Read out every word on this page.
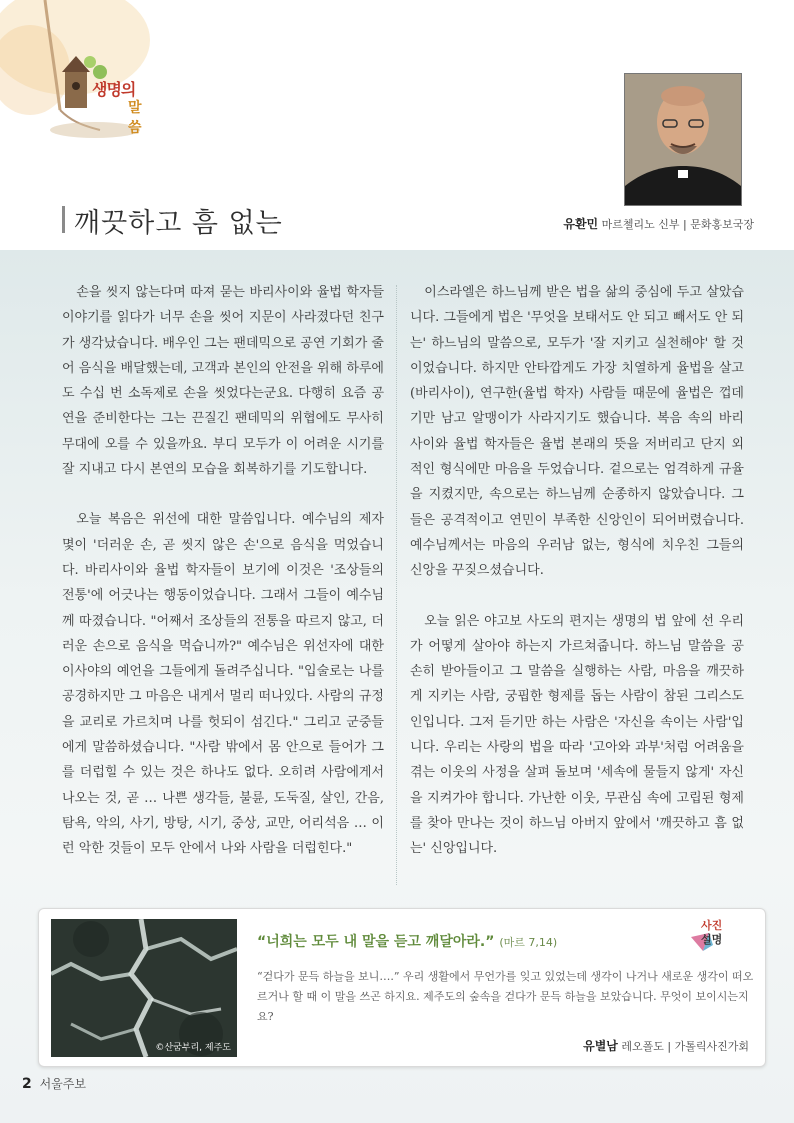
생명의

말씀
깨끗하고 흠 없는	유환민 마르첼리노 신부 | 문화홍보국장

손을 씻지 않는다며 따져 묻는 바리사이와 율법 학자들 이야기를 읽다가 너무 손을 씻어 지문이 사라졌다던 친구가 생각났습니다. 배우인 그는 팬데믹으로 공연 기회가 줄어 음식을 배달했는데, 고객과 본인의 안전을 위해 하루에도 수십 번 소독제로 손을 씻었다는군요. 다행히 요즘 공연을 준비한다는 그는 끈질긴 팬데믹의 위협에도 무사히 무대에 오를 수 있을까요. 부디 모두가 이 어려운 시기를 잘 지내고 다시 본연의 모습을 회복하기를 기도합니다.

오늘 복음은 위선에 대한 말씀입니다. 예수님의 제자 몇이 '더러운 손, 곧 씻지 않은 손'으로 음식을 먹었습니다. 바리사이와 율법 학자들이 보기에 이것은 '조상들의 전통'에 어긋나는 행동이었습니다. 그래서 그들이 예수님께 따졌습니다. "어째서 조상들의 전통을 따르지 않고, 더러운 손으로 음식을 먹습니까?" 예수님은 위선자에 대한 이사야의 예언을 그들에게 돌려주십니다. "입술로는 나를 공경하지만 그 마음은 내게서 멀리 떠나있다. 사람의 규정을 교리로 가르치며 나를 헛되이 섬긴다." 그리고 군중들에게 말씀하셨습니다. "사람 밖에서 몸 안으로 들어가 그를 더럽힐 수 있는 것은 하나도 없다. 오히려 사람에게서 나오는 것, 곧 … 나쁜 생각들, 불륜, 도둑질, 살인, 간음, 탐욕, 악의, 사기, 방탕, 시기, 중상, 교만, 어리석음 … 이런 악한 것들이 모두 안에서 나와 사람을 더럽힌다."

이스라엘은 하느님께 받은 법을 삶의 중심에 두고 살았습니다. 그들에게 법은 '무엇을 보태서도 안 되고 빼서도 안 되는' 하느님의 말씀으로, 모두가 '잘 지키고 실천해야' 할 것이었습니다. 하지만 안타깝게도 가장 치열하게 율법을 살고(바리사이), 연구한(율법 학자) 사람들 때문에 율법은 껍데기만 남고 알맹이가 사라지기도 했습니다. 복음 속의 바리사이와 율법 학자들은 율법 본래의 뜻을 저버리고 단지 외적인 형식에만 마음을 두었습니다. 겉으로는 엄격하게 규율을 지켰지만, 속으로는 하느님께 순종하지 않았습니다. 그들은 공격적이고 연민이 부족한 신앙인이 되어버렸습니다. 예수님께서는 마음의 우러남 없는, 형식에 치우친 그들의 신앙을 꾸짖으셨습니다.

오늘 읽은 야고보 사도의 편지는 생명의 법 앞에 선 우리가 어떻게 살아야 하는지 가르쳐줍니다. 하느님 말씀을 공손히 받아들이고 그 말씀을 실행하는 사람, 마음을 깨끗하게 지키는 사람, 궁핍한 형제를 돕는 사람이 참된 그리스도인입니다. 그저 듣기만 하는 사람은 '자신을 속이는 사람'입니다. 우리는 사랑의 법을 따라 '고아와 과부'처럼 어려움을 겪는 이웃의 사정을 살펴 돌보며 '세속에 물들지 않게' 자신을 지켜가야 합니다. 가난한 이웃, 무관심 속에 고립된 형제를 찾아 만나는 것이 하느님 아버지 앞에서 '깨끗하고 흠 없는' 신앙입니다.

©산굼부리, 제주도
사진
설명
“너희는 모두 내 말을 듣고 깨달아라.” (마르 7,14)
“걷다가 문득 하늘을 보니….” 우리 생활에서 무언가를 잊고 있었는데 생각이 나거나 새로운 생각이 떠오르거나 할 때 이 말을 쓰곤 하지요. 제주도의 숲속을 걷다가 문득 하늘을 보았습니다. 무엇이 보이시는지요?
유별남 레오폴도 | 가톨릭사진가회
2 서울주보
